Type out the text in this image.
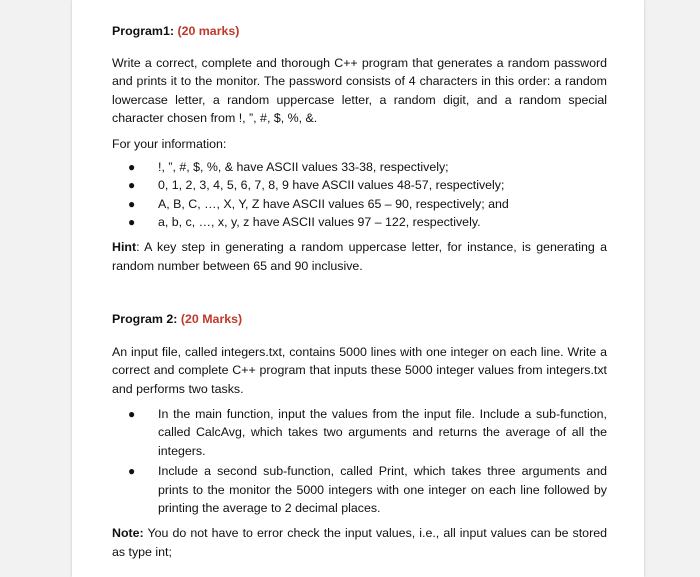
Program1: (20 marks)

Write a correct, complete and thorough C++ program that generates a random password and prints it to the monitor. The password consists of 4 characters in this order: a random lowercase letter, a random uppercase letter, a random digit, and a random special character chosen from !, ”, #, $, %, &.

For your information:

● !, ”, #, $, %, & have ASCII values 33-38, respectively;
● 0, 1, 2, 3, 4, 5, 6, 7, 8, 9 have ASCII values 48-57, respectively;
● A, B, C, …, X, Y, Z have ASCII values 65 – 90, respectively; and
● a, b, c, …, x, y, z have ASCII values 97 – 122, respectively.

Hint: A key step in generating a random uppercase letter, for instance, is generating a random number between 65 and 90 inclusive.

Program 2: (20 Marks)

An input file, called integers.txt, contains 5000 lines with one integer on each line. Write a correct and complete C++ program that inputs these 5000 integer values from integers.txt and performs two tasks.

● In the main function, input the values from the input file. Include a sub-function, called CalcAvg, which takes two arguments and returns the average of all the integers.
● Include a second sub-function, called Print, which takes three arguments and prints to the monitor the 5000 integers with one integer on each line followed by printing the average to 2 decimal places.

Note: You do not have to error check the input values, i.e., all input values can be stored as type int;
